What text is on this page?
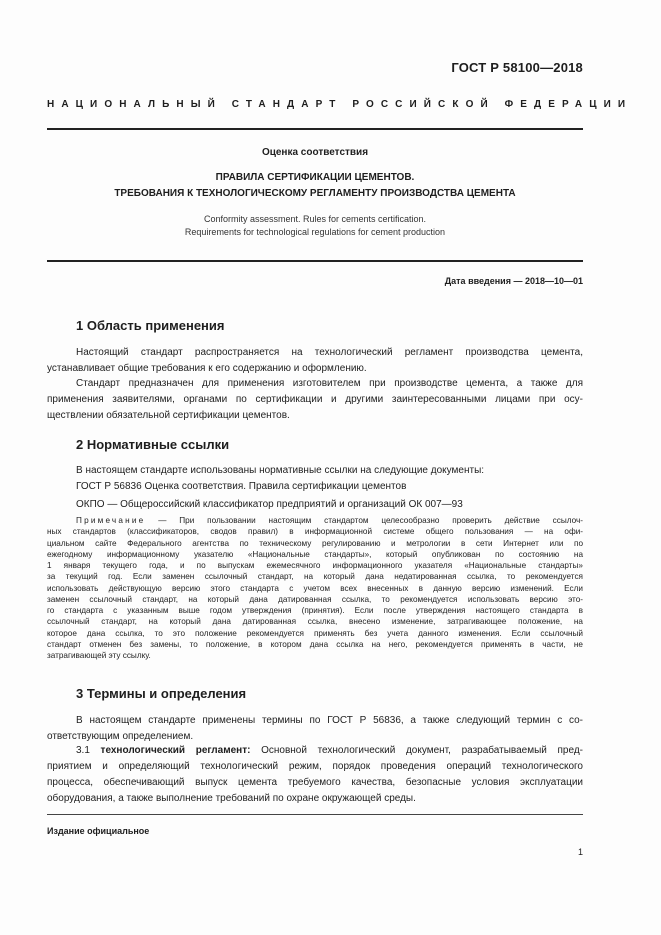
ГОСТ Р 58100—2018
НАЦИОНАЛЬНЫЙ СТАНДАРТ РОССИЙСКОЙ ФЕДЕРАЦИИ
Оценка соответствия
ПРАВИЛА СЕРТИФИКАЦИИ ЦЕМЕНТОВ.
ТРЕБОВАНИЯ К ТЕХНОЛОГИЧЕСКОМУ РЕГЛАМЕНТУ ПРОИЗВОДСТВА ЦЕМЕНТА
Conformity assessment. Rules for cements certification.
Requirements for technological regulations for cement production
Дата введения — 2018—10—01
1 Область применения
Настоящий стандарт распространяется на технологический регламент производства цемента,
устанавливает общие требования к его содержанию и оформлению.
Стандарт предназначен для применения изготовителем при производстве цемента, а также для
применения заявителями, органами по сертификации и другими заинтересованными лицами при осу-
ществлении обязательной сертификации цементов.
2 Нормативные ссылки
В настоящем стандарте использованы нормативные ссылки на следующие документы:
ГОСТ Р 56836 Оценка соответствия. Правила сертификации цементов
ОКПО — Общероссийский классификатор предприятий и организаций ОК 007—93
Примечание — При пользовании настоящим стандартом целесообразно проверить действие ссылоч-
ных стандартов (классификаторов, сводов правил) в информационной системе общего пользования — на офи-
циальном сайте Федерального агентства по техническому регулированию и метрологии в сети Интернет или по
ежегодному информационному указателю «Национальные стандарты», который опубликован по состоянию на
1 января текущего года, и по выпускам ежемесячного информационного указателя «Национальные стандарты»
за текущий год. Если заменен ссылочный стандарт, на который дана недатированная ссылка, то рекомендуется
использовать действующую версию этого стандарта с учетом всех внесенных в данную версию изменений. Если
заменен ссылочный стандарт, на который дана датированная ссылка, то рекомендуется использовать версию это-
го стандарта с указанным выше годом утверждения (принятия). Если после утверждения настоящего стандарта в
ссылочный стандарт, на который дана датированная ссылка, внесено изменение, затрагивающее положение, на
которое дана ссылка, то это положение рекомендуется применять без учета данного изменения. Если ссылочный
стандарт отменен без замены, то положение, в котором дана ссылка на него, рекомендуется применять в части, не
затрагивающей эту ссылку.
3 Термины и определения
В настоящем стандарте применены термины по ГОСТ Р 56836, а также следующий термин с со-
ответствующим определением.
3.1 технологический регламент: Основной технологический документ, разрабатываемый пред-
приятием и определяющий технологический режим, порядок проведения операций технологического
процесса, обеспечивающий выпуск цемента требуемого качества, безопасные условия эксплуатации
оборудования, а также выполнение требований по охране окружающей среды.
Издание официальное
1
